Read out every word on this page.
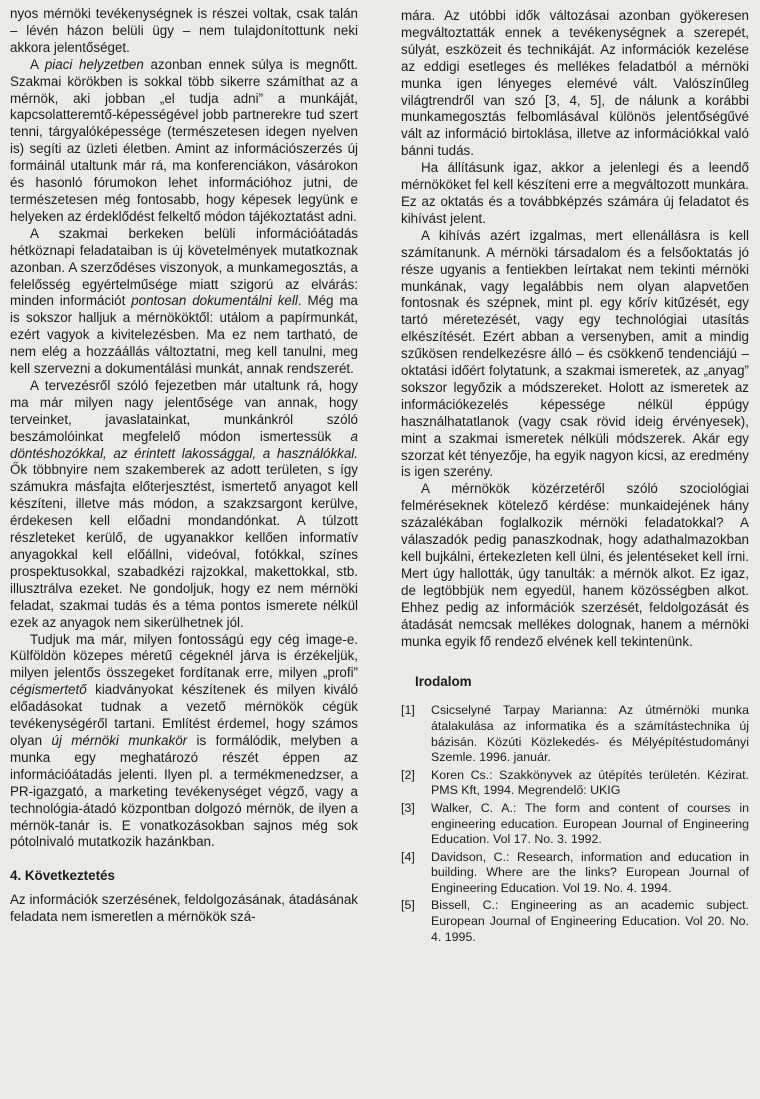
nyos mérnöki tevékenységnek is részei voltak, csak talán – lévén házon belüli ügy – nem tulajdonítottunk neki akkora jelentőséget.

A piaci helyzetben azonban ennek súlya is megnőtt. Szakmai körökben is sokkal több sikerre számíthat az a mérnök, aki jobban „el tudja adni” a munkáját, kapcsolatteremtő-képességével jobb partnerekre tud szert tenni, tárgyalóképessége (természetesen idegen nyelven is) segíti az üzleti életben. Amint az információszerzés új formáinál utaltunk már rá, ma konferenciákon, vásárokon és hasonló fórumokon lehet információhoz jutni, de természetesen még fontosabb, hogy képesek legyünk e helyeken az érdeklődést felkeltő módon tájékoztatást adni.

A szakmai berkeken belüli információátadás hétköznapi feladataiban is új követelmények mutatkoznak azonban. A szerződéses viszonyok, a munkamegosztás, a felelősség egyértelműsége miatt szigorú az elvárás: minden információt pontosan dokumentálni kell. Még ma is sokszor halljuk a mérnököktől: utálom a papírmunkát, ezért vagyok a kivitelezésben. Ma ez nem tartható, de nem elég a hozzáállás változtatni, meg kell tanulni, meg kell szervezni a dokumentálási munkát, annak rendszerét.

A tervezésről szóló fejezetben már utaltunk rá, hogy ma már milyen nagy jelentősége van annak, hogy terveinket, javaslatainkat, munkánkról szóló beszámolóinkat megfelelő módon ismertessük a döntéshozókkal, az érintett lakossággal, a használókkal. Ők többnyire nem szakemberek az adott területen, s így számukra másfajta előterjesztést, ismertető anyagot kell készíteni, illetve más módon, a szakzsargont kerülve, érdekesen kell előadni mondandónkat. A túlzott részleteket kerülő, de ugyanakkor kellően informatív anyagokkal kell előállni, videóval, fotókkal, színes prospektusokkal, szabadkézi rajzokkal, makettokkal, stb. illusztrálva ezeket. Ne gondoljuk, hogy ez nem mérnöki feladat, szakmai tudás és a téma pontos ismerete nélkül ezek az anyagok nem sikerülhetnek jól.

Tudjuk ma már, milyen fontosságú egy cég image-e. Külföldön közepes méretű cégeknél járva is érzékeljük, milyen jelentős összegeket fordítanak erre, milyen „profi” cégismertető kiadványokat készítenek és milyen kiváló előadásokat tudnak a vezető mérnökök cégük tevékenységéről tartani. Említést érdemel, hogy számos olyan új mérnöki munkakör is formálódik, melyben a munka egy meghatározó részét éppen az információátadás jelenti. Ilyen pl. a termékmenedzser, a PR-igazgató, a marketing tevékenységet végző, vagy a technológia-átadó központban dolgozó mérnök, de ilyen a mérnök-tanár is. E vonatkozásokban sajnos még sok pótolnivaló mutatkozik hazánkban.

4. Következtetés

Az információk szerzésének, feldolgozásának, átadásának feladata nem ismeretlen a mérnökök szá-

mára. Az utóbbi idők változásai azonban gyökeresen megváltoztatták ennek a tevékenységnek a szerepét, súlyát, eszközeit és technikáját. Az információk kezelése az eddigi esetleges és mellékes feladatból a mérnöki munka igen lényeges elemévé vált. Valószínűleg világtrendről van szó [3, 4, 5], de nálunk a korábbi munkamegosztás felbomlásával különös jelentőségűvé vált az információ birtoklása, illetve az információkkal való bánni tudás.

Ha állításunk igaz, akkor a jelenlegi és a leendő mérnököket fel kell készíteni erre a megváltozott munkára. Ez az oktatás és a továbbképzés számára új feladatot és kihívást jelent.

A kihívás azért izgalmas, mert ellenállásra is kell számítanunk. A mérnöki társadalom és a felsőoktatás jó része ugyanis a fentiekben leírtakat nem tekinti mérnöki munkának, vagy legalábbis nem olyan alapvetően fontosnak és szépnek, mint pl. egy kőrív kitűzését, egy tartó méretezését, vagy egy technológiai utasítás elkészítését. Ezért abban a versenyben, amit a mindig szűkösen rendelkezésre álló – és csökkenő tendenciájú – oktatási időért folytatunk, a szakmai ismeretek, az „anyag” sokszor legyőzik a módszereket. Holott az ismeretek az információkezelés képessége nélkül éppúgy használhatatlanok (vagy csak rövid ideig érvényesek), mint a szakmai ismeretek nélküli módszerek. Akár egy szorzat két tényezője, ha egyik nagyon kicsi, az eredmény is igen szerény.

A mérnökök közérzetéről szóló szociológiai felméréseknek kötelező kérdése: munkaidejének hány százalékában foglalkozik mérnöki feladatokkal? A válaszadók pedig panaszkodnak, hogy adathalmazokban kell bujkálni, értekezleten kell ülni, és jelentéseket kell írni. Mert úgy hallották, úgy tanulták: a mérnök alkot. Ez igaz, de legtöbbjük nem egyedül, hanem közösségben alkot. Ehhez pedig az információk szerzését, feldolgozását és átadását nemcsak mellékes dolognak, hanem a mérnöki munka egyik fő rendező elvének kell tekintenünk.

Irodalom
[1] Csicselyné Tarpay Marianna: Az útmérnöki munka átalakulása az informatika és a számítástechnika új bázisán. Közúti Közlekedés- és Mélyépítéstudományi Szemle. 1996. január.
[2] Koren Cs.: Szakkönyvek az útépítés területén. Kézirat. PMS Kft, 1994. Megrendelő: UKIG
[3] Walker, C. A.: The form and content of courses in engineering education. European Journal of Engineering Education. Vol 17. No. 3. 1992.
[4] Davidson, C.: Research, information and education in building. Where are the links? European Journal of Engineering Education. Vol 19. No. 4. 1994.
[5] Bissell, C.: Engineering as an academic subject. European Journal of Engineering Education. Vol 20. No. 4. 1995.
